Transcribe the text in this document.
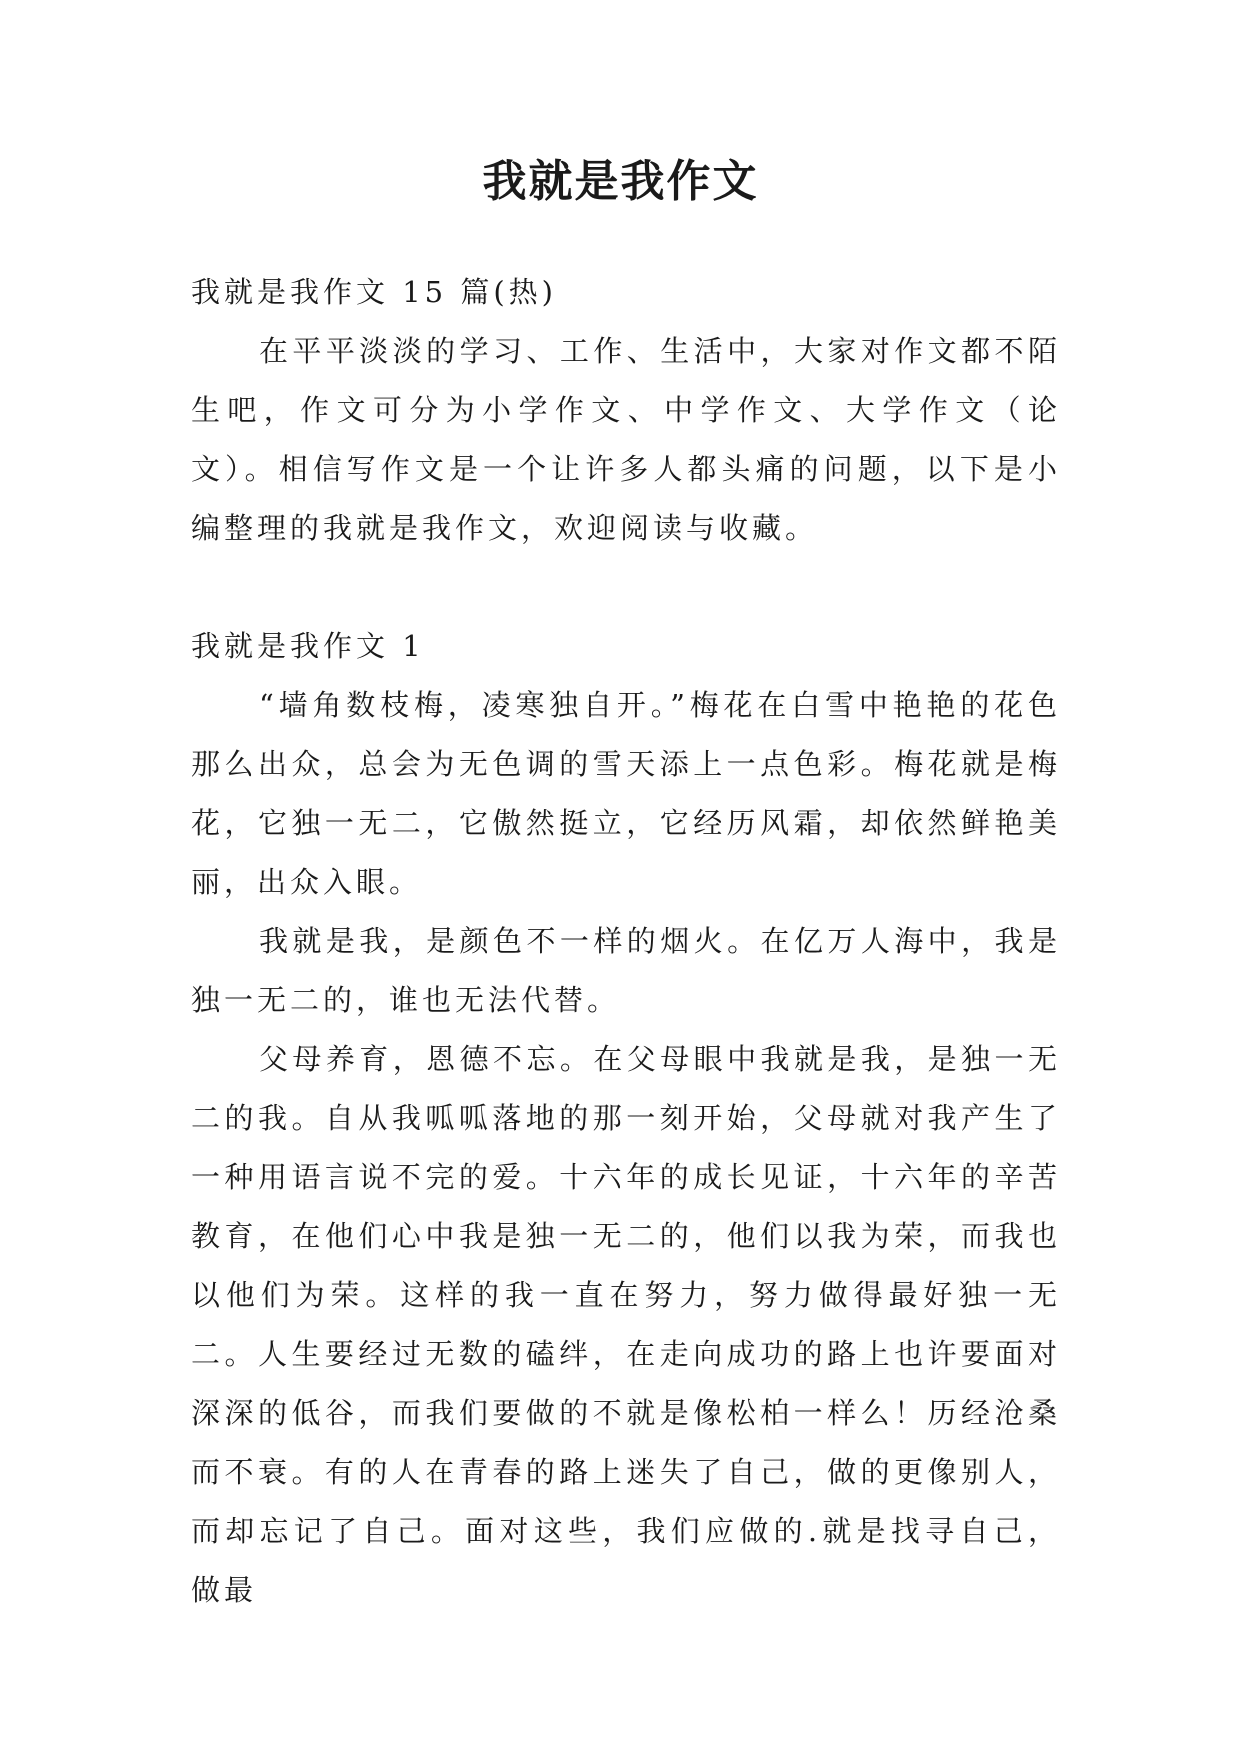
我就是我作文

我就是我作文 15 篇(热)

在平平淡淡的学习、工作、生活中，大家对作文都不陌生吧，作文可分为小学作文、中学作文、大学作文（论文）。相信写作文是一个让许多人都头痛的问题，以下是小编整理的我就是我作文，欢迎阅读与收藏。

我就是我作文 1

“墙角数枝梅，凌寒独自开。”梅花在白雪中艳艳的花色那么出众，总会为无色调的雪天添上一点色彩。梅花就是梅花，它独一无二，它傲然挺立，它经历风霜，却依然鲜艳美丽，出众入眼。

我就是我，是颜色不一样的烟火。在亿万人海中，我是独一无二的，谁也无法代替。

父母养育，恩德不忘。在父母眼中我就是我，是独一无二的我。自从我呱呱落地的那一刻开始，父母就对我产生了一种用语言说不完的爱。十六年的成长见证，十六年的辛苦教育，在他们心中我是独一无二的，他们以我为荣，而我也以他们为荣。这样的我一直在努力，努力做得最好独一无二。人生要经过无数的磕绊，在走向成功的路上也许要面对深深的低谷，而我们要做的不就是像松柏一样么！历经沧桑而不衰。有的人在青春的路上迷失了自己，做的更像别人，而却忘记了自己。面对这些，我们应做的.就是找寻自己，做最
